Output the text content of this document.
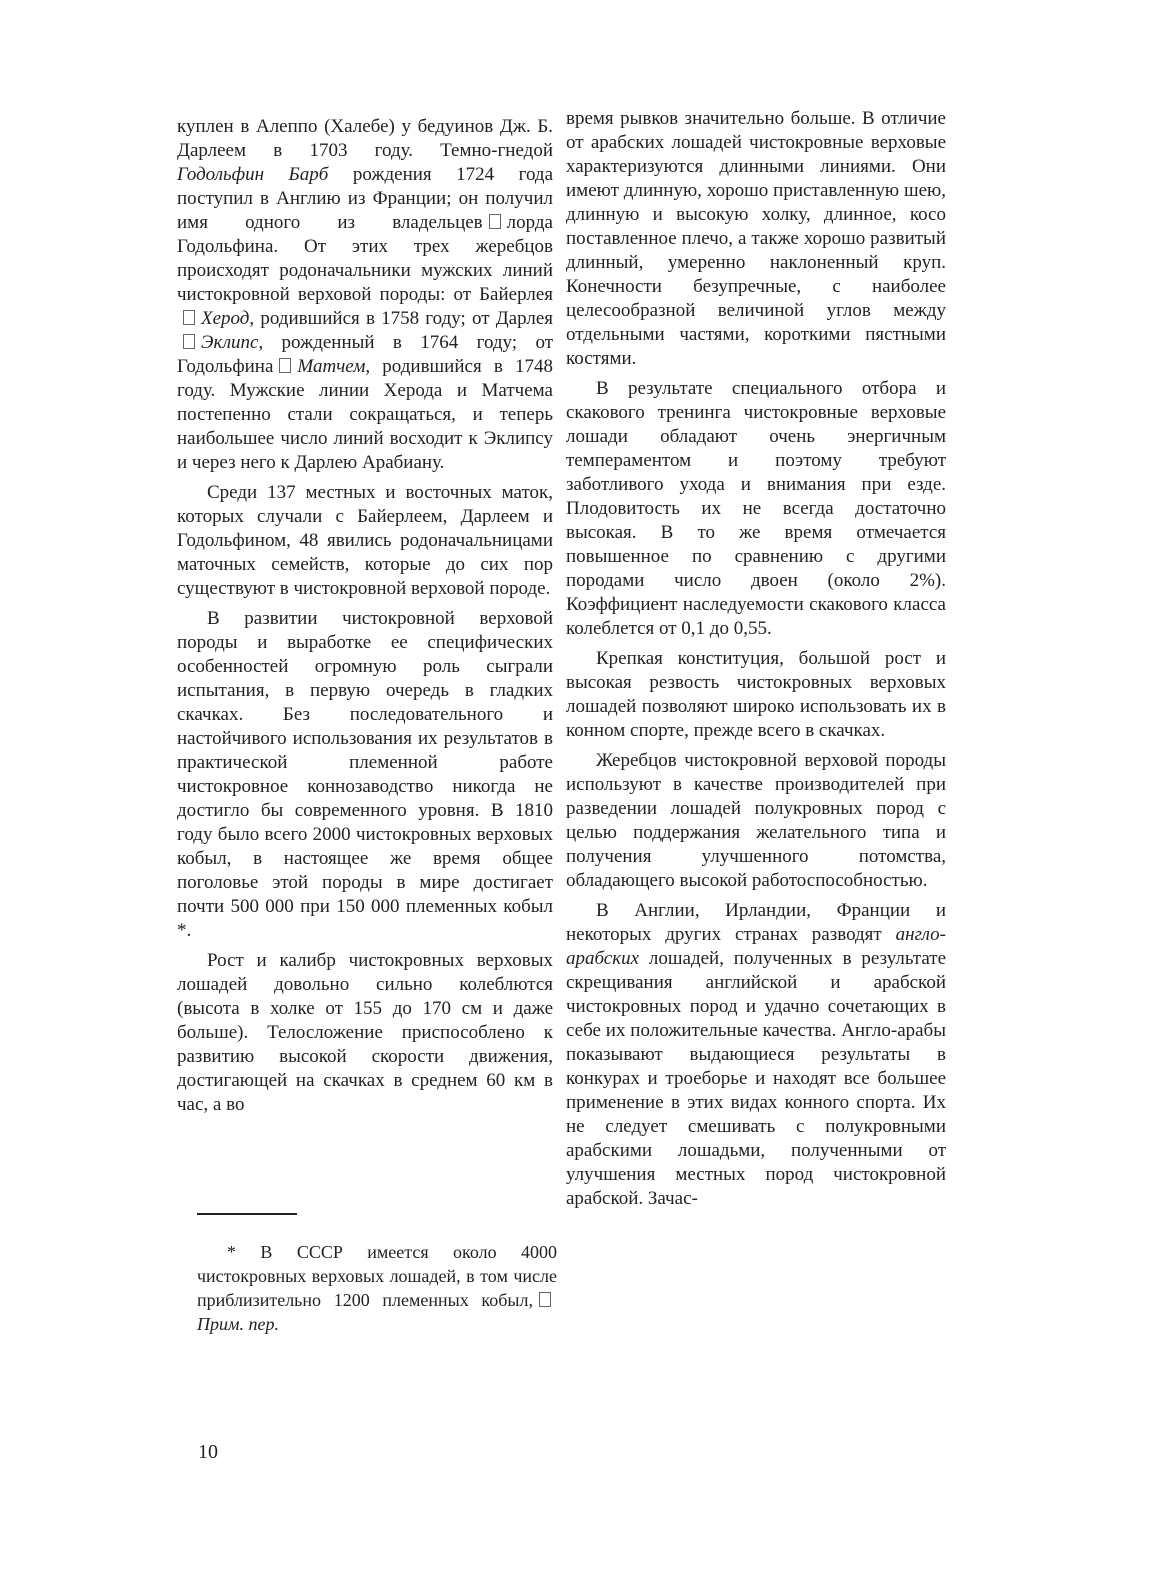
куплен в Алеппо (Халебе) у бедуинов Дж. Б. Дарлеем в 1703 году. Темно-гнедой Годольфин Барб рождения 1724 года поступил в Англию из Франции; он получил имя одного из владельцев лорда Годольфина. От этих трех жеребцов происходят родоначальники мужских линий чистокровной верховой породы: от БайерлеяХерод, родившийся в 1758 году; от ДарлеяЭклипс, рожденный в 1764 году; от Годольфина Матчем, родившийся в 1748 году. Мужские линии Херода и Матчема постепенно стали сокращаться, и теперь наибольшее число линий восходит к Эклипсу и через него к Дарлею Арабиану.

Среди 137 местных и восточных маток, которых случали с Байерлеем, Дарлеем и Годольфином, 48 явились родоначальницами маточных семейств, которые до сих пор существуют в чистокровной верховой породе.

В развитии чистокровной верховой породы и выработке ее специфических особенностей огромную роль сыграли испытания, в первую очередь в гладких скачках. Без последовательного и настойчивого использования их результатов в практической племенной работе чистокровное коннозаводство никогда не достигло бы современного уровня. В 1810 году было всего 2000 чистокровных верховых кобыл, в настоящее же время общее поголовье этой породы в мире достигает почти 500 000 при 150 000 племенных кобыл *.

Рост и калибр чистокровных верховых лошадей довольно сильно колеблются (высота в холке от 155 до 170 см и даже больше). Телосложение приспособлено к развитию высокой скорости движения, достигающей на скачках в среднем 60 км в час, а во

время рывков значительно больше. В отличие от арабских лошадей чистокровные верховые характеризуются длинными линиями. Они имеют длинную, хорошо приставленную шею, длинную и высокую холку, длинное, косо поставленное плечо, а также хорошо развитый длинный, умеренно наклоненный круп. Конечности безупречные, с наиболее целесообразной величиной углов между отдельными частями, короткими пястными костями.

В результате специального отбора и скакового тренинга чистокровные верховые лошади обладают очень энергичным темпераментом и поэтому требуют заботливого ухода и внимания при езде. Плодовитость их не всегда достаточно высокая. В то же время отмечается повышенное по сравнению с другими породами число двоен (около 2%). Коэффициент наследуемости скакового класса колеблется от 0,1 до 0,55.

Крепкая конституция, большой рост и высокая резвость чистокровных верховых лошадей позволяют широко использовать их в конном спорте, прежде всего в скачках.

Жеребцов чистокровной верховой породы используют в качестве производителей при разведении лошадей полукровных пород с целью поддержания желательного типа и получения улучшенного потомства, обладающего высокой работоспособностью.

В Англии, Ирландии, Франции и некоторых других странах разводят англо-арабских лошадей, полученных в результате скрещивания английской и арабской чистокровных пород и удачно сочетающих в себе их положительные качества. Англо-арабы показывают выдающиеся результаты в конкурах и троеборье и находят все большее применение в этих видах конного спорта. Их не следует смешивать с полукровными арабскими лошадьми, полученными от улучшения местных пород чистокровной арабской. Зачас-

* В СССР имеется около 4000 чистокровных верховых лошадей, в том числе приблизительно 1200 племенных кобыл,Прим. пер.

10
